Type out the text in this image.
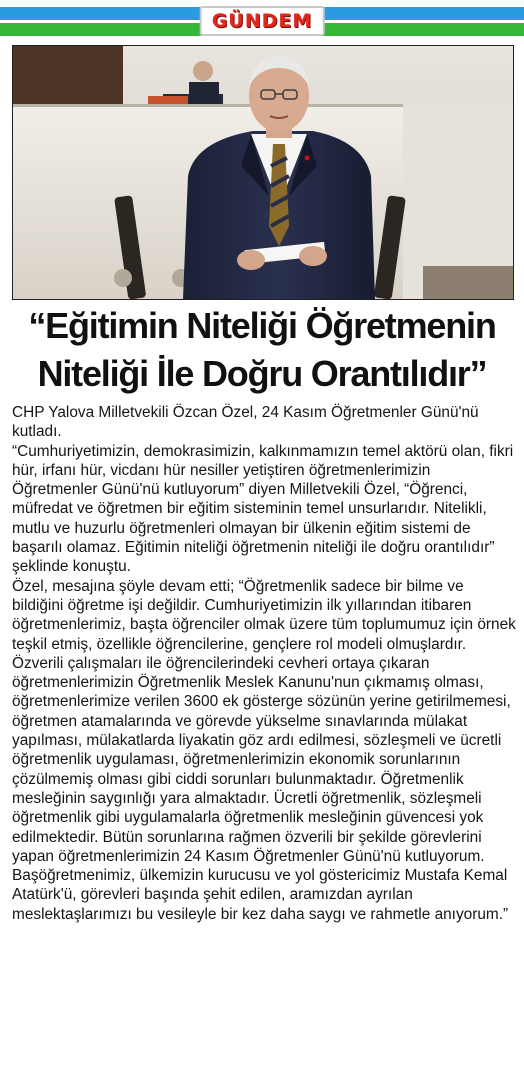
GÜNDEM
“Eğitimin Niteliği Öğretmenin
Niteliği İle Doğru Orantılıdır”

CHP Yalova Milletvekili Özcan Özel, 24 Kasım Öğretmenler Günü'nü kutladı.

“Cumhuriyetimizin, demokrasimizin, kalkınmamızın temel aktörü olan, fikri hür, irfanı hür, vicdanı hür nesiller yetiştiren öğretmenlerimizin Öğretmenler Günü'nü kutluyorum” diyen Milletvekili Özel, “Öğrenci, müfredat ve öğretmen bir eğitim sisteminin temel unsurlarıdır. Nitelikli, mutlu ve huzurlu öğretmenleri olmayan bir ülkenin eğitim sistemi de başarılı olamaz. Eğitimin niteliği öğretmenin niteliği ile doğru orantılıdır” şeklinde konuştu.

Özel, mesajına şöyle devam etti; “Öğretmenlik sadece bir bilme ve bildiğini öğretme işi değildir. Cumhuriyetimizin ilk yıllarından itibaren öğretmenlerimiz, başta öğrenciler olmak üzere tüm toplumumuz için örnek teşkil etmiş, özellikle öğrencilerine, gençlere rol modeli olmuşlardır. Özverili çalışmaları ile öğrencilerindeki cevheri ortaya çıkaran öğretmenlerimizin Öğretmenlik Meslek Kanunu'nun çıkmamış olması, öğretmenlerimize verilen 3600 ek gösterge sözünün yerine getirilmemesi, öğretmen atamalarında ve görevde yükselme sınavlarında mülakat yapılması, mülakatlarda liyakatin göz ardı edilmesi, sözleşmeli ve ücretli öğretmenlik uygulaması, öğretmenlerimizin ekonomik sorunlarının çözülmemiş olması gibi ciddi sorunları bulunmaktadır. Öğretmenlik mesleğinin saygınlığı yara almaktadır. Ücretli öğretmenlik, sözleşmeli öğretmenlik gibi uygulamalarla öğretmenlik mesleğinin güvencesi yok edilmektedir. Bütün sorunlarına rağmen özverili bir şekilde görevlerini yapan öğretmenlerimizin 24 Kasım Öğretmenler Günü'nü kutluyorum.

Başöğretmenimiz, ülkemizin kurucusu ve yol göstericimiz Mustafa Kemal Atatürk'ü, görevleri başında şehit edilen, aramızdan ayrılan meslektaşlarımızı bu vesileyle bir kez daha saygı ve rahmetle anıyorum.”
